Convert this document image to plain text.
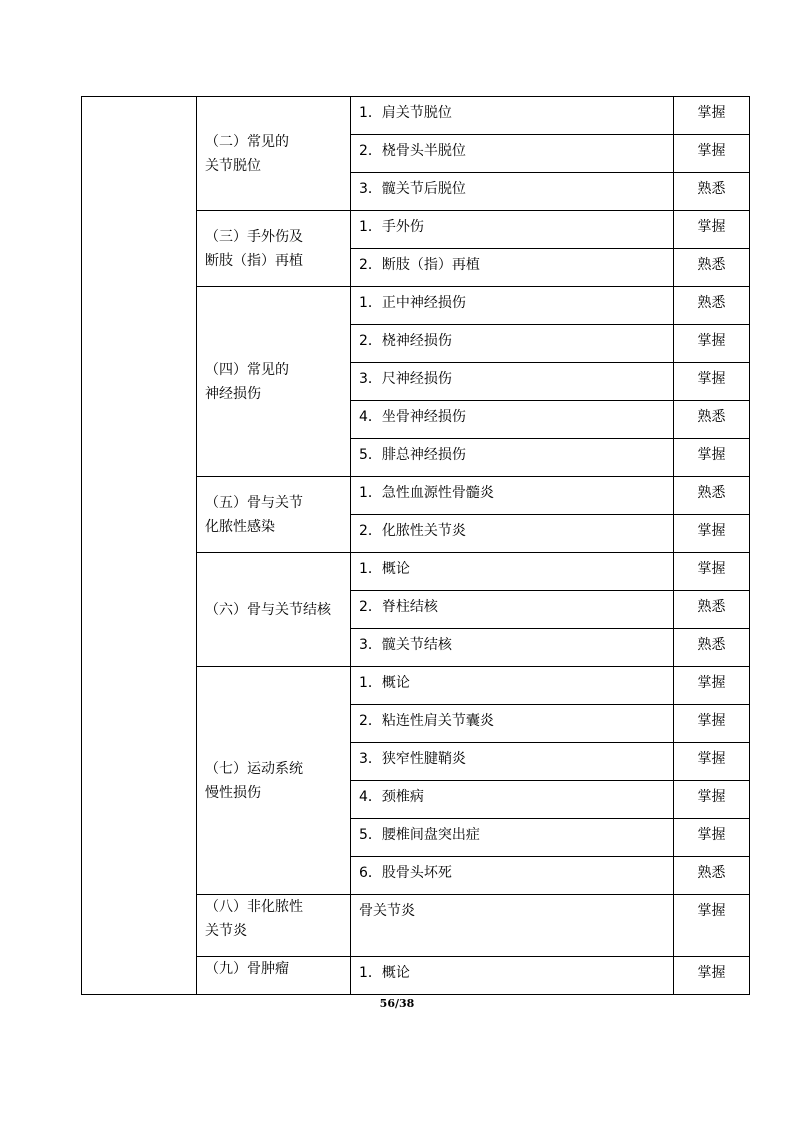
	（二）常见的
关节脱位	1．肩关节脱位	掌握
		2．桡骨头半脱位	掌握
		3．髋关节后脱位	熟悉

	（三）手外伤及
断肢（指）再植	1．手外伤	掌握
		2．断肢（指）再植	熟悉

	（四）常见的
神经损伤	1．正中神经损伤	熟悉
		2．桡神经损伤	掌握
		3．尺神经损伤	掌握
		4．坐骨神经损伤	熟悉
		5．腓总神经损伤	掌握

	（五）骨与关节
化脓性感染	1．急性血源性骨髓炎	熟悉
		2．化脓性关节炎	掌握

	（六）骨与关节结核	1．概论	掌握
		2．脊柱结核	熟悉
		3．髋关节结核	熟悉

	（七）运动系统
慢性损伤	1．概论	掌握
		2．粘连性肩关节囊炎	掌握
		3．狭窄性腱鞘炎	掌握
		4．颈椎病	掌握
		5．腰椎间盘突出症	掌握
		6．股骨头坏死	熟悉

	（八）非化脓性
关节炎	骨关节炎	掌握

	（九）骨肿瘤	1．概论	掌握
56/38
